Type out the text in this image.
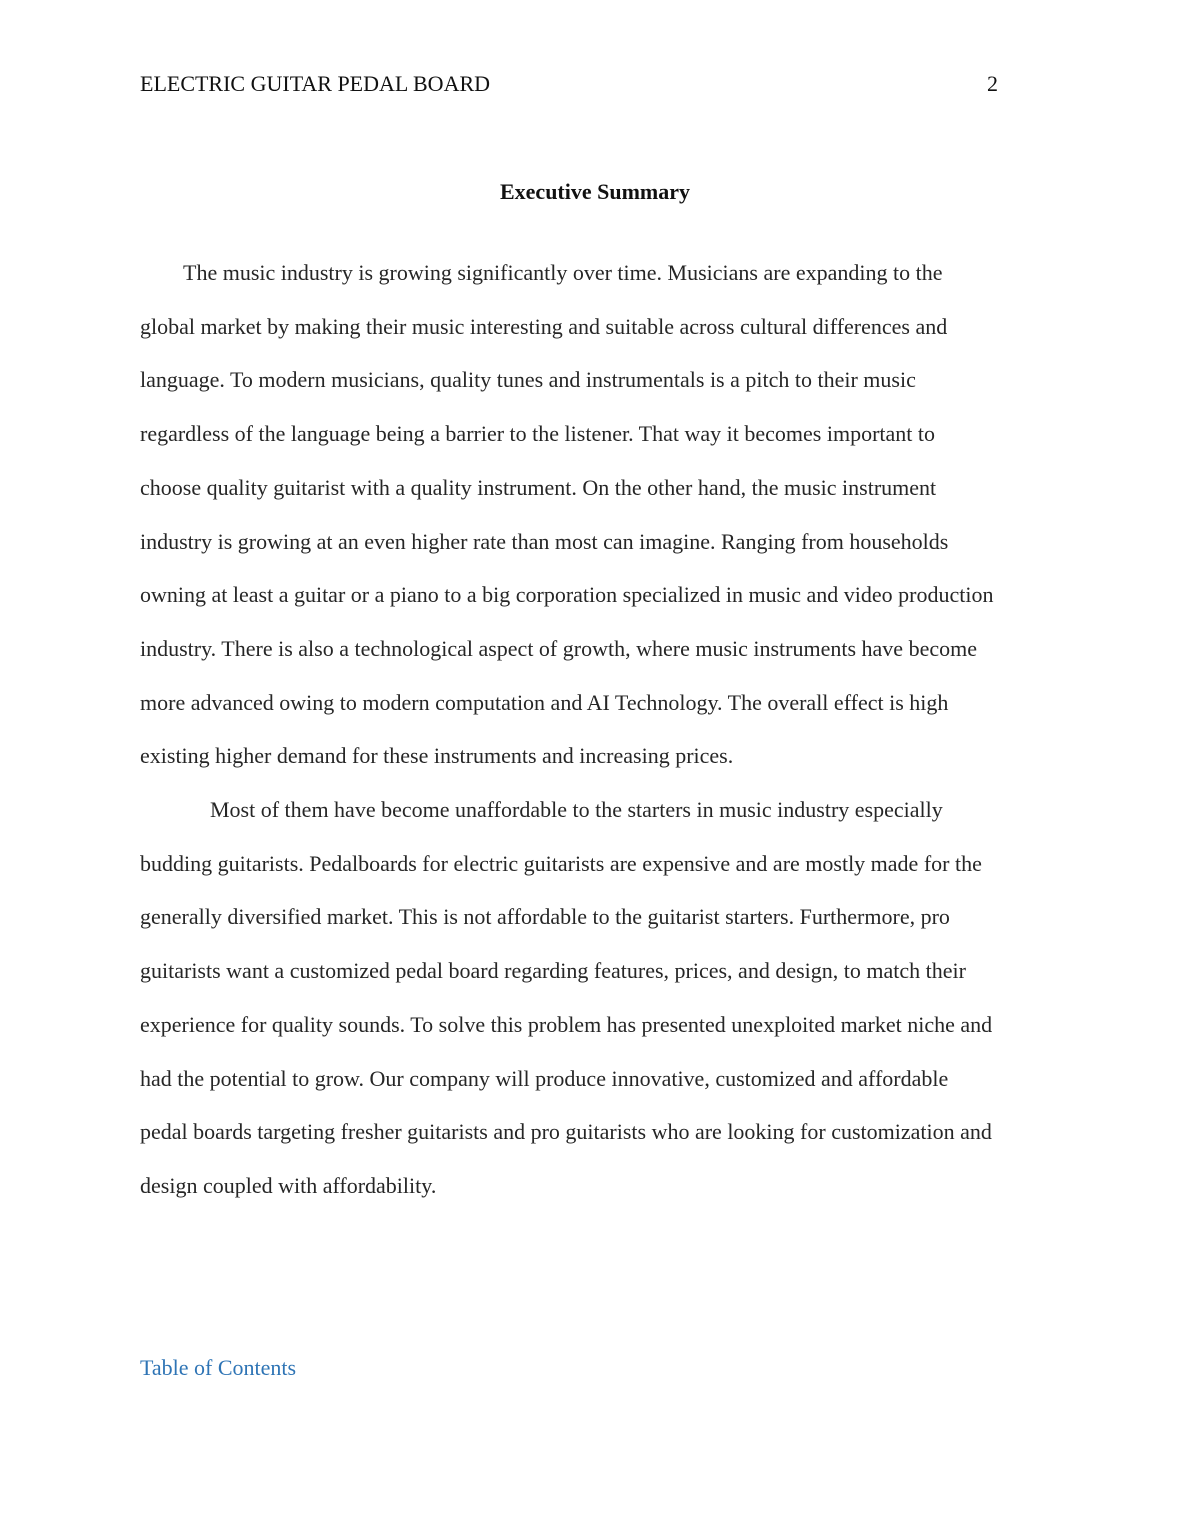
ELECTRIC GUITAR PEDAL BOARD	2
Executive Summary

The music industry is growing significantly over time. Musicians are expanding to the
global market by making their music interesting and suitable across cultural differences and
language. To modern musicians, quality tunes and instrumentals is a pitch to their music
regardless of the language being a barrier to the listener. That way it becomes important to
choose quality guitarist with a quality instrument. On the other hand, the music instrument
industry is growing at an even higher rate than most can imagine. Ranging from households
owning at least a guitar or a piano to a big corporation specialized in music and video production
industry. There is also a technological aspect of growth, where music instruments have become
more advanced owing to modern computation and AI Technology. The overall effect is high
existing higher demand for these instruments and increasing prices.

Most of them have become unaffordable to the starters in music industry especially
budding guitarists. Pedalboards for electric guitarists are expensive and are mostly made for the
generally diversified market. This is not affordable to the guitarist starters. Furthermore, pro
guitarists want a customized pedal board regarding features, prices, and design, to match their
experience for quality sounds. To solve this problem has presented unexploited market niche and
had the potential to grow. Our company will produce innovative, customized and affordable
pedal boards targeting fresher guitarists and pro guitarists who are looking for customization and
design coupled with affordability.

Table of Contents
